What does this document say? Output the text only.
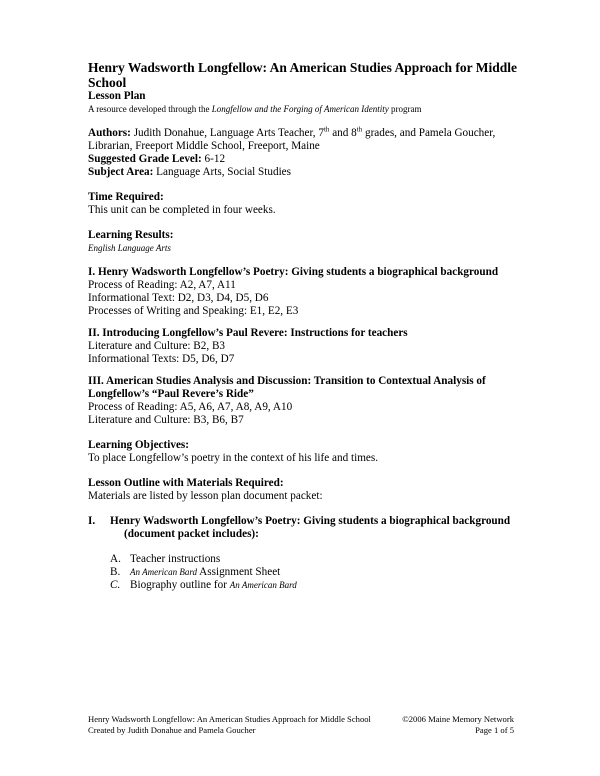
Henry Wadsworth Longfellow: An American Studies Approach for Middle School
Lesson Plan
A resource developed through the Longfellow and the Forging of American Identity program
Authors: Judith Donahue, Language Arts Teacher, 7th and 8th grades, and Pamela Goucher, Librarian, Freeport Middle School, Freeport, Maine
Suggested Grade Level: 6-12
Subject Area: Language Arts, Social Studies
Time Required:
This unit can be completed in four weeks.
Learning Results:
English Language Arts
I. Henry Wadsworth Longfellow’s Poetry: Giving students a biographical background
Process of Reading: A2, A7, A11
Informational Text: D2, D3, D4, D5, D6
Processes of Writing and Speaking: E1, E2, E3
II. Introducing Longfellow’s Paul Revere: Instructions for teachers
Literature and Culture: B2, B3
Informational Texts: D5, D6, D7
III. American Studies Analysis and Discussion: Transition to Contextual Analysis of Longfellow’s “Paul Revere’s Ride”
Process of Reading: A5, A6, A7, A8, A9, A10
Literature and Culture: B3, B6, B7
Learning Objectives:
To place Longfellow’s poetry in the context of his life and times.
Lesson Outline with Materials Required:
Materials are listed by lesson plan document packet:
I.	Henry Wadsworth Longfellow’s Poetry: Giving students a biographical background
(document packet includes):
A. Teacher instructions
B.	An American Bard Assignment Sheet
C. Biography outline for An American Bard
Henry Wadsworth Longfellow: An American Studies Approach for Middle School	©2006 Maine Memory Network
Created by Judith Donahue and Pamela Goucher	Page 1 of 5
